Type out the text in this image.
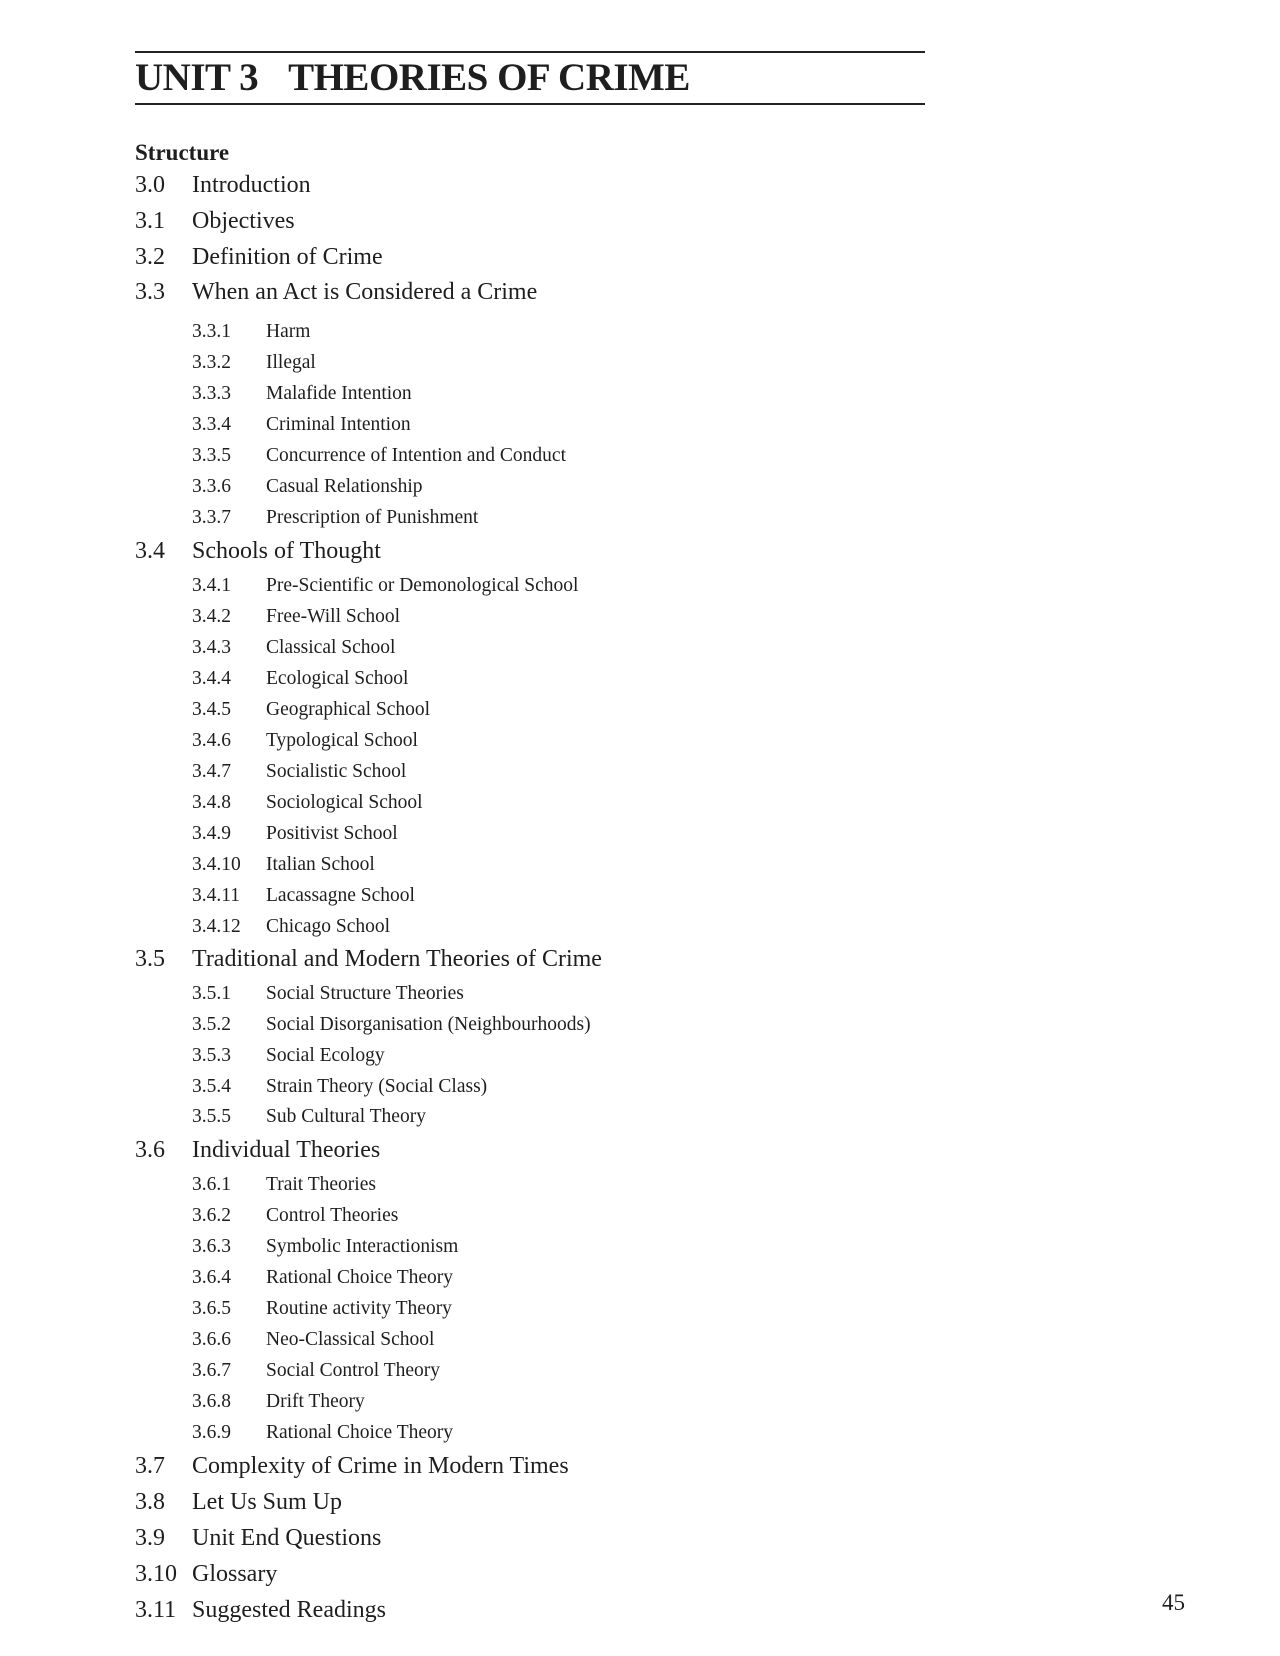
UNIT 3 THEORIES OF CRIME
Structure
3.0 Introduction
3.1 Objectives
3.2 Definition of Crime
3.3 When an Act is Considered a Crime
3.3.1 Harm
3.3.2 Illegal
3.3.3 Malafide Intention
3.3.4 Criminal Intention
3.3.5 Concurrence of Intention and Conduct
3.3.6 Casual Relationship
3.3.7 Prescription of Punishment
3.4 Schools of Thought
3.4.1 Pre-Scientific or Demonological School
3.4.2 Free-Will School
3.4.3 Classical School
3.4.4 Ecological School
3.4.5 Geographical School
3.4.6 Typological School
3.4.7 Socialistic School
3.4.8 Sociological School
3.4.9 Positivist School
3.4.10 Italian School
3.4.11 Lacassagne School
3.4.12 Chicago School
3.5 Traditional and Modern Theories of Crime
3.5.1 Social Structure Theories
3.5.2 Social Disorganisation (Neighbourhoods)
3.5.3 Social Ecology
3.5.4 Strain Theory (Social Class)
3.5.5 Sub Cultural Theory
3.6 Individual Theories
3.6.1 Trait Theories
3.6.2 Control Theories
3.6.3 Symbolic Interactionism
3.6.4 Rational Choice Theory
3.6.5 Routine activity Theory
3.6.6 Neo-Classical School
3.6.7 Social Control Theory
3.6.8 Drift Theory
3.6.9 Rational Choice Theory
3.7 Complexity of Crime in Modern Times
3.8 Let Us Sum Up
3.9 Unit End Questions
3.10 Glossary
3.11 Suggested Readings	45
